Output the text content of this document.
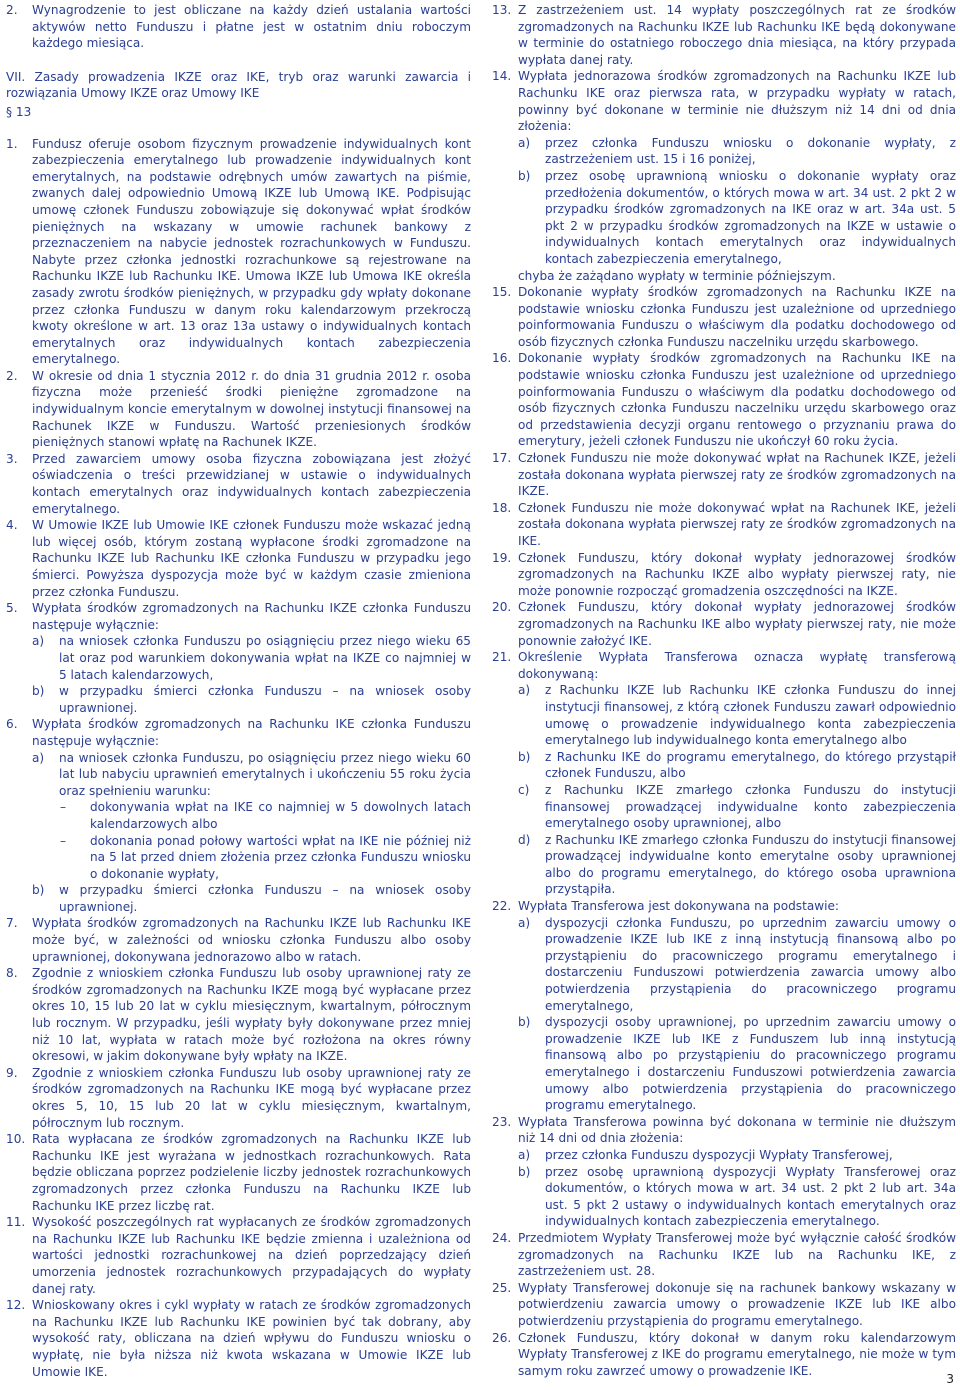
2.	Wynagrodzenie to jest obliczane na każdy dzień ustalania wartości aktywów netto Funduszu i płatne jest w ostatnim dniu roboczym każdego miesiąca.
VII. Zasady prowadzenia IKZE oraz IKE, tryb oraz warunki zawarcia i rozwiązania Umowy IKZE oraz Umowy IKE
§ 13
1.	Fundusz oferuje osobom fizycznym prowadzenie indywidualnych kont zabezpieczenia emerytalnego lub prowadzenie indywidualnych kont emerytalnych, na podstawie odrębnych umów zawartych na piśmie, zwanych dalej odpowiednio Umową IKZE lub Umową IKE. Podpisując umowę członek Funduszu zobowiązuje się dokonywać wpłat środków pieniężnych na wskazany w umowie rachunek bankowy z przeznaczeniem na nabycie jednostek rozrachunkowych w Funduszu. Nabyte przez członka jednostki rozrachunkowe są rejestrowane na Rachunku IKZE lub Rachunku IKE. Umowa IKZE lub Umowa IKE określa zasady zwrotu środków pieniężnych, w przypadku gdy wpłaty dokonane przez członka Funduszu w danym roku kalendarzowym przekroczą kwoty określone w art. 13 oraz 13a ustawy o indywidualnych kontach emerytalnych oraz indywidualnych kontach zabezpieczenia emerytalnego.
2.	W okresie od dnia 1 stycznia 2012 r. do dnia 31 grudnia 2012 r. osoba fizyczna może przenieść środki pieniężne zgromadzone na indywidualnym koncie emerytalnym w dowolnej instytucji finansowej na Rachunek IKZE w Funduszu. Wartość przeniesionych środków pieniężnych stanowi wpłatę na Rachunek IKZE.
3.	Przed zawarciem umowy osoba fizyczna zobowiązana jest złożyć oświadczenia o treści przewidzianej w ustawie o indywidualnych kontach emerytalnych oraz indywidualnych kontach zabezpieczenia emerytalnego.
4.	W Umowie IKZE lub Umowie IKE członek Funduszu może wskazać jedną lub więcej osób, którym zostaną wypłacone środki zgromadzone na Rachunku IKZE lub Rachunku IKE członka Funduszu w przypadku jego śmierci. Powyższa dyspozycja może być w każdym czasie zmieniona przez członka Funduszu.
5.	Wypłata środków zgromadzonych na Rachunku IKZE członka Funduszu następuje wyłącznie:
a)	na wniosek członka Funduszu po osiągnięciu przez niego wieku 65 lat oraz pod warunkiem dokonywania wpłat na IKZE co najmniej w 5 latach kalendarzowych,
b)	w przypadku śmierci członka Funduszu – na wniosek osoby uprawnionej.
6.	Wypłata środków zgromadzonych na Rachunku IKE członka Funduszu następuje wyłącznie:
a)	na wniosek członka Funduszu, po osiągnięciu przez niego wieku 60 lat lub nabyciu uprawnień emerytalnych i ukończeniu 55 roku życia oraz spełnieniu warunku:
–	dokonywania wpłat na IKE co najmniej w 5 dowolnych latach kalendarzowych albo
–	dokonania ponad połowy wartości wpłat na IKE nie później niż na 5 lat przed dniem złożenia przez członka Funduszu wniosku o dokonanie wypłaty,
b)	w przypadku śmierci członka Funduszu – na wniosek osoby uprawnionej.
7.	Wypłata środków zgromadzonych na Rachunku IKZE lub Rachunku IKE może być, w zależności od wniosku członka Funduszu albo osoby uprawnionej, dokonywana jednorazowo albo w ratach.
8.	Zgodnie z wnioskiem członka Funduszu lub osoby uprawnionej raty ze środków zgromadzonych na Rachunku IKZE mogą być wypłacane przez okres 10, 15 lub 20 lat w cyklu miesięcznym, kwartalnym, półrocznym lub rocznym. W przypadku, jeśli wypłaty były dokonywane przez mniej niż 10 lat, wypłata w ratach może być rozłożona na okres równy okresowi, w jakim dokonywane były wpłaty na IKZE.
9.	Zgodnie z wnioskiem członka Funduszu lub osoby uprawnionej raty ze środków zgromadzonych na Rachunku IKE mogą być wypłacane przez okres 5, 10, 15 lub 20 lat w cyklu miesięcznym, kwartalnym, półrocznym lub rocznym.
10. Rata wypłacana ze środków zgromadzonych na Rachunku IKZE lub Rachunku IKE jest wyrażana w jednostkach rozrachunkowych. Rata będzie obliczana poprzez podzielenie liczby jednostek rozrachunkowych zgromadzonych przez członka Funduszu na Rachunku IKZE lub Rachunku IKE przez liczbę rat.
11. Wysokość poszczególnych rat wypłacanych ze środków zgromadzonych na Rachunku IKZE lub Rachunku IKE będzie zmienna i uzależniona od wartości jednostki rozrachunkowej na dzień poprzedzający dzień umorzenia jednostek rozrachunkowych przypadających do wypłaty danej raty.
12. Wnioskowany okres i cykl wypłaty w ratach ze środków zgromadzonych na Rachunku IKZE lub Rachunku IKE powinien być tak dobrany, aby wysokość raty, obliczana na dzień wpływu do Funduszu wniosku o wypłatę, nie była niższa niż kwota wskazana w Umowie IKZE lub Umowie IKE.
13. Z zastrzeżeniem ust. 14 wypłaty poszczególnych rat ze środków zgromadzonych na Rachunku IKZE lub Rachunku IKE będą dokonywane w terminie do ostatniego roboczego dnia miesiąca, na który przypada wypłata danej raty.
14. Wypłata jednorazowa środków zgromadzonych na Rachunku IKZE lub Rachunku IKE oraz pierwsza rata, w przypadku wypłaty w ratach, powinny być dokonane w terminie nie dłuższym niż 14 dni od dnia złożenia:
a)	przez członka Funduszu wniosku o dokonanie wypłaty, z zastrzeżeniem ust. 15 i 16 poniżej,
b)	przez osobę uprawnioną wniosku o dokonanie wypłaty oraz przedłożenia dokumentów, o których mowa w art. 34 ust. 2 pkt 2 w przypadku środków zgromadzonych na IKE oraz w art. 34a ust. 5 pkt 2 w przypadku środków zgromadzonych na IKZE w ustawie o indywidualnych kontach emerytalnych oraz indywidualnych kontach zabezpieczenia emerytalnego,
chyba że zażądano wypłaty w terminie późniejszym.
15. Dokonanie wypłaty środków zgromadzonych na Rachunku IKZE na podstawie wniosku członka Funduszu jest uzależnione od uprzedniego poinformowania Funduszu o właściwym dla podatku dochodowego od osób fizycznych członka Funduszu naczelniku urzędu skarbowego.
16. Dokonanie wypłaty środków zgromadzonych na Rachunku IKE na podstawie wniosku członka Funduszu jest uzależnione od uprzedniego poinformowania Funduszu o właściwym dla podatku dochodowego od osób fizycznych członka Funduszu naczelniku urzędu skarbowego oraz od przedstawienia decyzji organu rentowego o przyznaniu prawa do emerytury, jeżeli członek Funduszu nie ukończył 60 roku życia.
17. Członek Funduszu nie może dokonywać wpłat na Rachunek IKZE, jeżeli została dokonana wypłata pierwszej raty ze środków zgromadzonych na IKZE.
18. Członek Funduszu nie może dokonywać wpłat na Rachunek IKE, jeżeli została dokonana wypłata pierwszej raty ze środków zgromadzonych na IKE.
19. Członek Funduszu, który dokonał wypłaty jednorazowej środków zgromadzonych na Rachunku IKZE albo wypłaty pierwszej raty, nie może ponownie rozpocząć gromadzenia oszczędności na IKZE.
20. Członek Funduszu, który dokonał wypłaty jednorazowej środków zgromadzonych na Rachunku IKE albo wypłaty pierwszej raty, nie może ponownie założyć IKE.
21. Określenie Wypłata Transferowa oznacza wypłatę transferową dokonywaną:
a)	z Rachunku IKZE lub Rachunku IKE członka Funduszu do innej instytucji finansowej, z którą członek Funduszu zawarł odpowiednio umowę o prowadzenie indywidualnego konta zabezpieczenia emerytalnego lub indywidualnego konta emerytalnego albo
b)	z Rachunku IKE do programu emerytalnego, do którego przystąpił członek Funduszu, albo
c)	z Rachunku IKZE zmarłego członka Funduszu do instytucji finansowej prowadzącej indywidualne konto zabezpieczenia emerytalnego osoby uprawnionej, albo
d)	z Rachunku IKE zmarłego członka Funduszu do instytucji finansowej prowadzącej indywidualne konto emerytalne osoby uprawnionej albo do programu emerytalnego, do którego osoba uprawniona przystąpiła.
22. Wypłata Transferowa jest dokonywana na podstawie:
a)	dyspozycji członka Funduszu, po uprzednim zawarciu umowy o prowadzenie IKZE lub IKE z inną instytucją finansową albo po przystąpieniu do pracowniczego programu emerytalnego i dostarczeniu Funduszowi potwierdzenia zawarcia umowy albo potwierdzenia przystąpienia do pracowniczego programu emerytalnego,
b)	dyspozycji osoby uprawnionej, po uprzednim zawarciu umowy o prowadzenie IKZE lub IKE z Funduszem lub inną instytucją finansową albo po przystąpieniu do pracowniczego programu emerytalnego i dostarczeniu Funduszowi potwierdzenia zawarcia umowy albo potwierdzenia przystąpienia do pracowniczego programu emerytalnego.
23. Wypłata Transferowa powinna być dokonana w terminie nie dłuższym niż 14 dni od dnia złożenia:
a)	przez członka Funduszu dyspozycji Wypłaty Transferowej,
b)	przez osobę uprawnioną dyspozycji Wypłaty Transferowej oraz dokumentów, o których mowa w art. 34 ust. 2 pkt 2 lub art. 34a ust. 5 pkt 2 ustawy o indywidualnych kontach emerytalnych oraz indywidualnych kontach zabezpieczenia emerytalnego.
24. Przedmiotem Wypłaty Transferowej może być wyłącznie całość środków zgromadzonych na Rachunku IKZE lub na Rachunku IKE, z zastrzeżeniem ust. 28.
25. Wypłaty Transferowej dokonuje się na rachunek bankowy wskazany w potwierdzeniu zawarcia umowy o prowadzenie IKZE lub IKE albo potwierdzeniu przystąpienia do programu emerytalnego.
26. Członek Funduszu, który dokonał w danym roku kalendarzowym Wypłaty Transferowej z IKE do programu emerytalnego, nie może w tym samym roku zawrzeć umowy o prowadzenie IKE.
3
